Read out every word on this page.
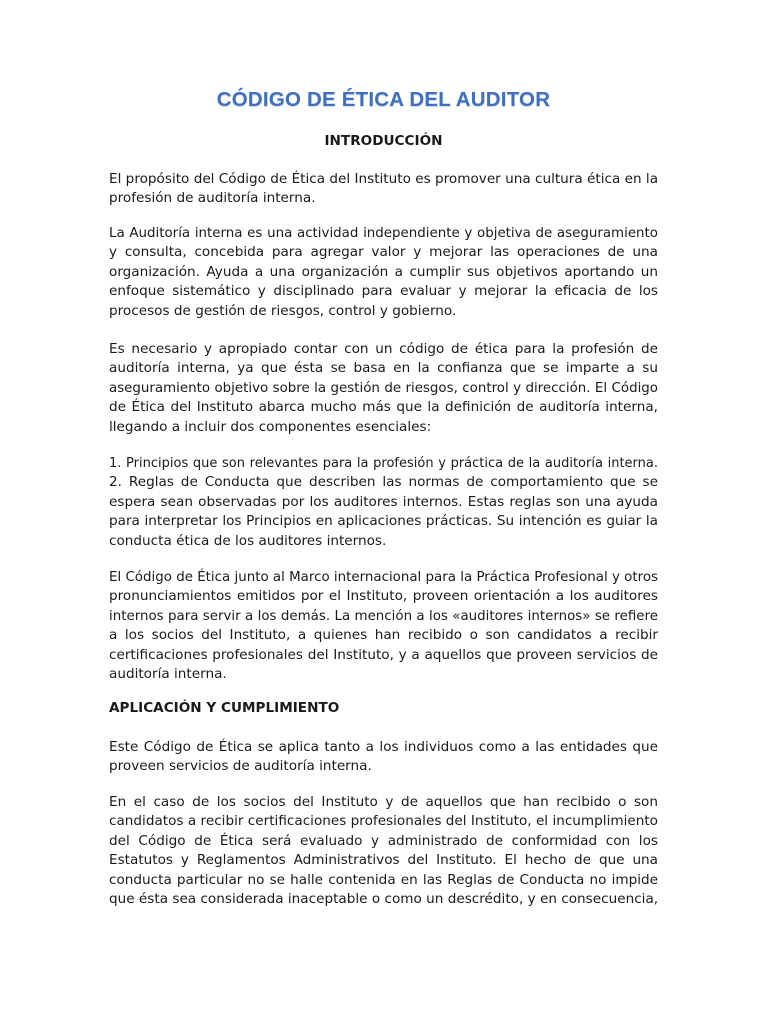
CÓDIGO DE ÉTICA DEL AUDITOR
INTRODUCCIÓN

El propósito del Código de Ética del Instituto es promover una cultura ética en la
profesión de auditoría interna.

La Auditoría interna es una actividad independiente y objetiva de aseguramiento
y consulta, concebida para agregar valor y mejorar las operaciones de una
organización. Ayuda a una organización a cumplir sus objetivos aportando un
enfoque sistemático y disciplinado para evaluar y mejorar la eficacia de los
procesos de gestión de riesgos, control y gobierno.

Es necesario y apropiado contar con un código de ética para la profesión de
auditoría interna, ya que ésta se basa en la confianza que se imparte a su
aseguramiento objetivo sobre la gestión de riesgos, control y dirección. El Código
de Ética del Instituto abarca mucho más que la definición de auditoría interna,
llegando a incluir dos componentes esenciales:

1. Principios que son relevantes para la profesión y práctica de la auditoría interna.
2. Reglas de Conducta que describen las normas de comportamiento que se
espera sean observadas por los auditores internos. Estas reglas son una ayuda
para interpretar los Principios en aplicaciones prácticas. Su intención es guiar la
conducta ética de los auditores internos.

El Código de Ética junto al Marco internacional para la Práctica Profesional y otros
pronunciamientos emitidos por el Instituto, proveen orientación a los auditores
internos para servir a los demás. La mención a los «auditores internos» se refiere
a los socios del Instituto, a quienes han recibido o son candidatos a recibir
certificaciones profesionales del Instituto, y a aquellos que proveen servicios de
auditoría interna.

APLICACIÓN Y CUMPLIMIENTO

Este Código de Ética se aplica tanto a los individuos como a las entidades que
proveen servicios de auditoría interna.

En el caso de los socios del Instituto y de aquellos que han recibido o son
candidatos a recibir certificaciones profesionales del Instituto, el incumplimiento
del Código de Ética será evaluado y administrado de conformidad con los
Estatutos y Reglamentos Administrativos del Instituto. El hecho de que una
conducta particular no se halle contenida en las Reglas de Conducta no impide
que ésta sea considerada inaceptable o como un descrédito, y en consecuencia,
